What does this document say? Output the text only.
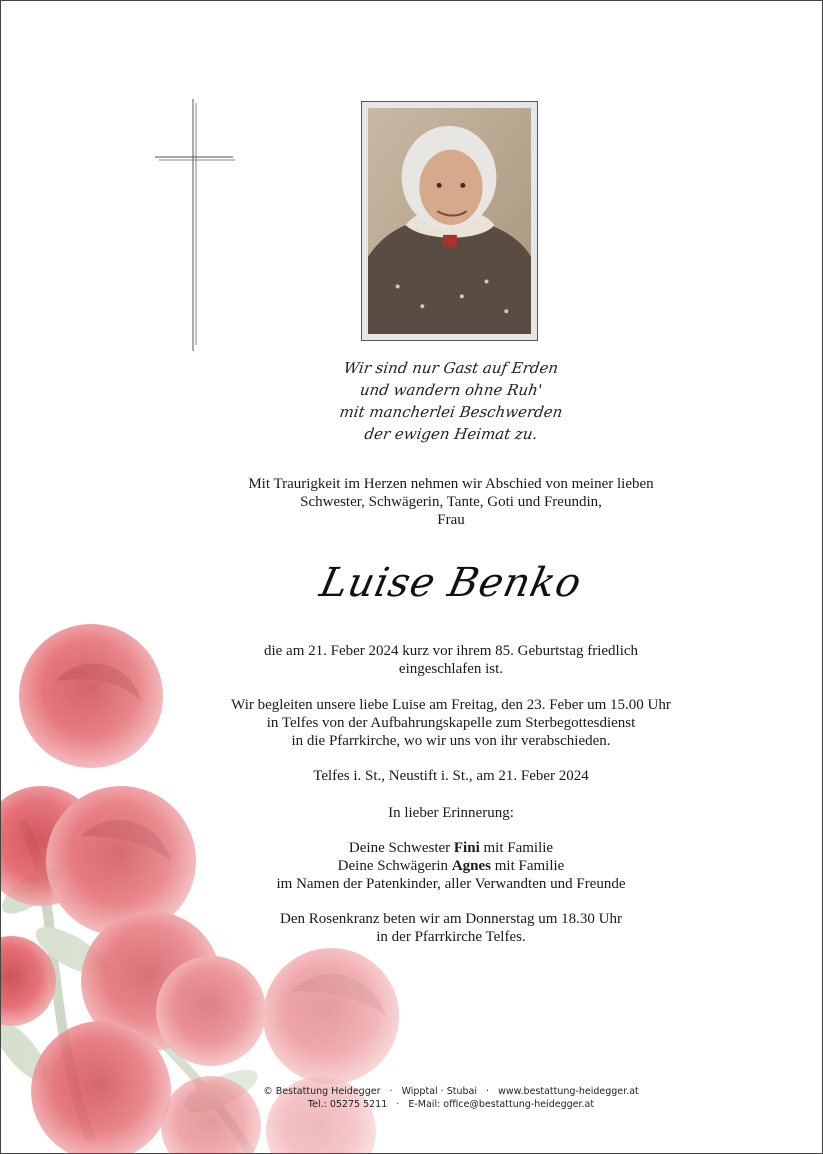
Wir sind nur Gast auf Erden
und wandern ohne Ruh'
mit mancherlei Beschwerden
der ewigen Heimat zu.
Mit Traurigkeit im Herzen nehmen wir Abschied von meiner lieben
Schwester, Schwägerin, Tante, Goti und Freundin,
Frau
Luise Benko
die am 21. Feber 2024 kurz vor ihrem 85. Geburtstag friedlich
eingeschlafen ist.
Wir begleiten unsere liebe Luise am Freitag, den 23. Feber um 15.00 Uhr
in Telfes von der Aufbahrungskapelle zum Sterbegottesdienst
in die Pfarrkirche, wo wir uns von ihr verabschieden.
Telfes i. St., Neustift i. St., am 21. Feber 2024
In lieber Erinnerung:
Deine Schwester Fini mit Familie
Deine Schwägerin Agnes mit Familie
im Namen der Patenkinder, aller Verwandten und Freunde
Den Rosenkranz beten wir am Donnerstag um 18.30 Uhr
in der Pfarrkirche Telfes.
© Bestattung Heidegger · Wipptal · Stubai · www.bestattung-heidegger.at
Tel.: 05275 5211 · E-Mail: office@bestattung-heidegger.at
